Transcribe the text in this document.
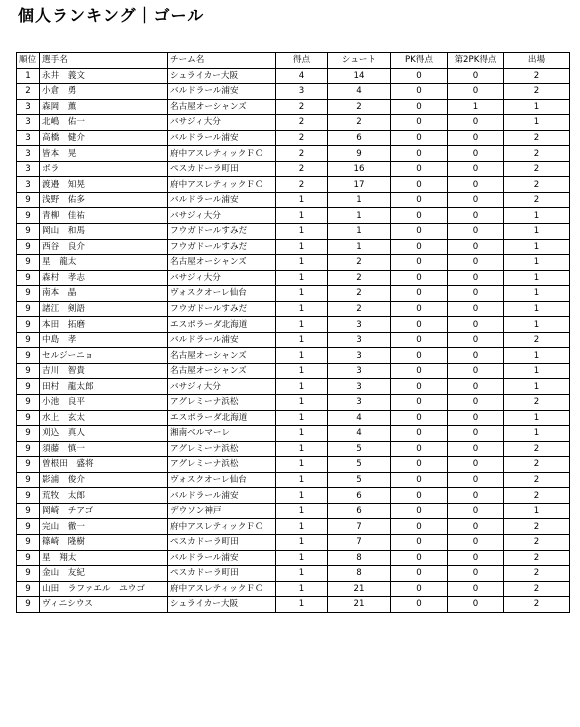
個人ランキング｜ゴール
順位	選手名	チーム名	得点	シュート	PK得点	第2PK得点	出場
1	永井　義文	シュライカー大阪	4	14	0	0	2
2	小倉　勇	バルドラール浦安	3	4	0	0	2
3	森岡　薫	名古屋オーシャンズ	2	2	0	1	1
3	北嶋　佑一	バサジィ大分	2	2	0	0	1
3	高橋　健介	バルドラール浦安	2	6	0	0	2
3	皆本　晃	府中アスレティックＦＣ	2	9	0	0	2
3	ボラ	ペスカドーラ町田	2	16	0	0	2
3	渡邉　知晃	府中アスレティックＦＣ	2	17	0	0	2
9	浅野　佑多	バルドラール浦安	1	1	0	0	2
9	青柳　佳祐	バサジィ大分	1	1	0	0	1
9	岡山　和馬	フウガドールすみだ	1	1	0	0	1
9	西谷　良介	フウガドールすみだ	1	1	0	0	1
9	星　龍太	名古屋オーシャンズ	1	2	0	0	1
9	森村　孝志	バサジィ大分	1	2	0	0	1
9	南本　晶	ヴォスクオーレ仙台	1	2	0	0	1
9	諸江　剣語	フウガドールすみだ	1	2	0	0	1
9	本田　拓磨	エスポラーダ北海道	1	3	0	0	1
9	中島　孝	バルドラール浦安	1	3	0	0	2
9	セルジーニョ	名古屋オーシャンズ	1	3	0	0	1
9	吉川　智貴	名古屋オーシャンズ	1	3	0	0	1
9	田村　龍太郎	バサジィ大分	1	3	0	0	1
9	小池　良平	アグレミーナ浜松	1	3	0	0	2
9	水上　玄太	エスポラーダ北海道	1	4	0	0	1
9	刈込　真人	湘南ベルマーレ	1	4	0	0	1
9	須藤　慎一	アグレミーナ浜松	1	5	0	0	2
9	曽根田　盛将	アグレミーナ浜松	1	5	0	0	2
9	影浦　俊介	ヴォスクオーレ仙台	1	5	0	0	2
9	荒牧　太郎	バルドラール浦安	1	6	0	0	2
9	岡崎　チアゴ	デウソン神戸	1	6	0	0	1
9	完山　徹一	府中アスレティックＦＣ	1	7	0	0	2
9	篠崎　隆樹	ペスカドーラ町田	1	7	0	0	2
9	星　翔太	バルドラール浦安	1	8	0	0	2
9	金山　友紀	ペスカドーラ町田	1	8	0	0	2
9	山田　ラファエル　ユウゴ	府中アスレティックＦＣ	1	21	0	0	2
9	ヴィニシウス	シュライカー大阪	1	21	0	0	2
